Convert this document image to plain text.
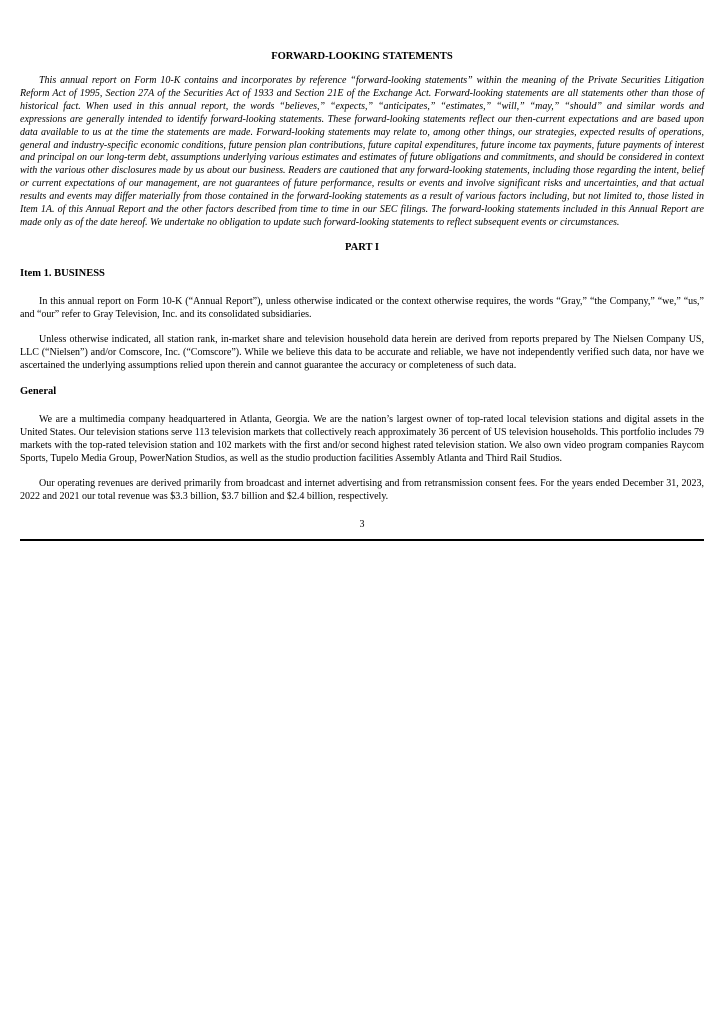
FORWARD-LOOKING STATEMENTS

This annual report on Form 10-K contains and incorporates by reference “forward-looking statements” within the meaning of the Private Securities Litigation Reform Act of 1995, Section 27A of the Securities Act of 1933 and Section 21E of the Exchange Act. Forward-looking statements are all statements other than those of historical fact. When used in this annual report, the words “believes,” “expects,” “anticipates,” “estimates,” “will,” “may,” “should” and similar words and expressions are generally intended to identify forward-looking statements. These forward-looking statements reflect our then-current expectations and are based upon data available to us at the time the statements are made. Forward-looking statements may relate to, among other things, our strategies, expected results of operations, general and industry-specific economic conditions, future pension plan contributions, future capital expenditures, future income tax payments, future payments of interest and principal on our long-term debt, assumptions underlying various estimates and estimates of future obligations and commitments, and should be considered in context with the various other disclosures made by us about our business. Readers are cautioned that any forward-looking statements, including those regarding the intent, belief or current expectations of our management, are not guarantees of future performance, results or events and involve significant risks and uncertainties, and that actual results and events may differ materially from those contained in the forward-looking statements as a result of various factors including, but not limited to, those listed in Item 1A. of this Annual Report and the other factors described from time to time in our SEC filings. The forward-looking statements included in this Annual Report are made only as of the date hereof. We undertake no obligation to update such forward-looking statements to reflect subsequent events or circumstances.

PART I

Item 1. BUSINESS

In this annual report on Form 10-K (“Annual Report”), unless otherwise indicated or the context otherwise requires, the words “Gray,” “the Company,” “we,” “us,” and “our” refer to Gray Television, Inc. and its consolidated subsidiaries.

Unless otherwise indicated, all station rank, in-market share and television household data herein are derived from reports prepared by The Nielsen Company US, LLC (“Nielsen”) and/or Comscore, Inc. (“Comscore”). While we believe this data to be accurate and reliable, we have not independently verified such data, nor have we ascertained the underlying assumptions relied upon therein and cannot guarantee the accuracy or completeness of such data.

General

We are a multimedia company headquartered in Atlanta, Georgia. We are the nation’s largest owner of top-rated local television stations and digital assets in the United States. Our television stations serve 113 television markets that collectively reach approximately 36 percent of US television households. This portfolio includes 79 markets with the top-rated television station and 102 markets with the first and/or second highest rated television station. We also own video program companies Raycom Sports, Tupelo Media Group, PowerNation Studios, as well as the studio production facilities Assembly Atlanta and Third Rail Studios.

Our operating revenues are derived primarily from broadcast and internet advertising and from retransmission consent fees. For the years ended December 31, 2023, 2022 and 2021 our total revenue was $3.3 billion, $3.7 billion and $2.4 billion, respectively.

3
